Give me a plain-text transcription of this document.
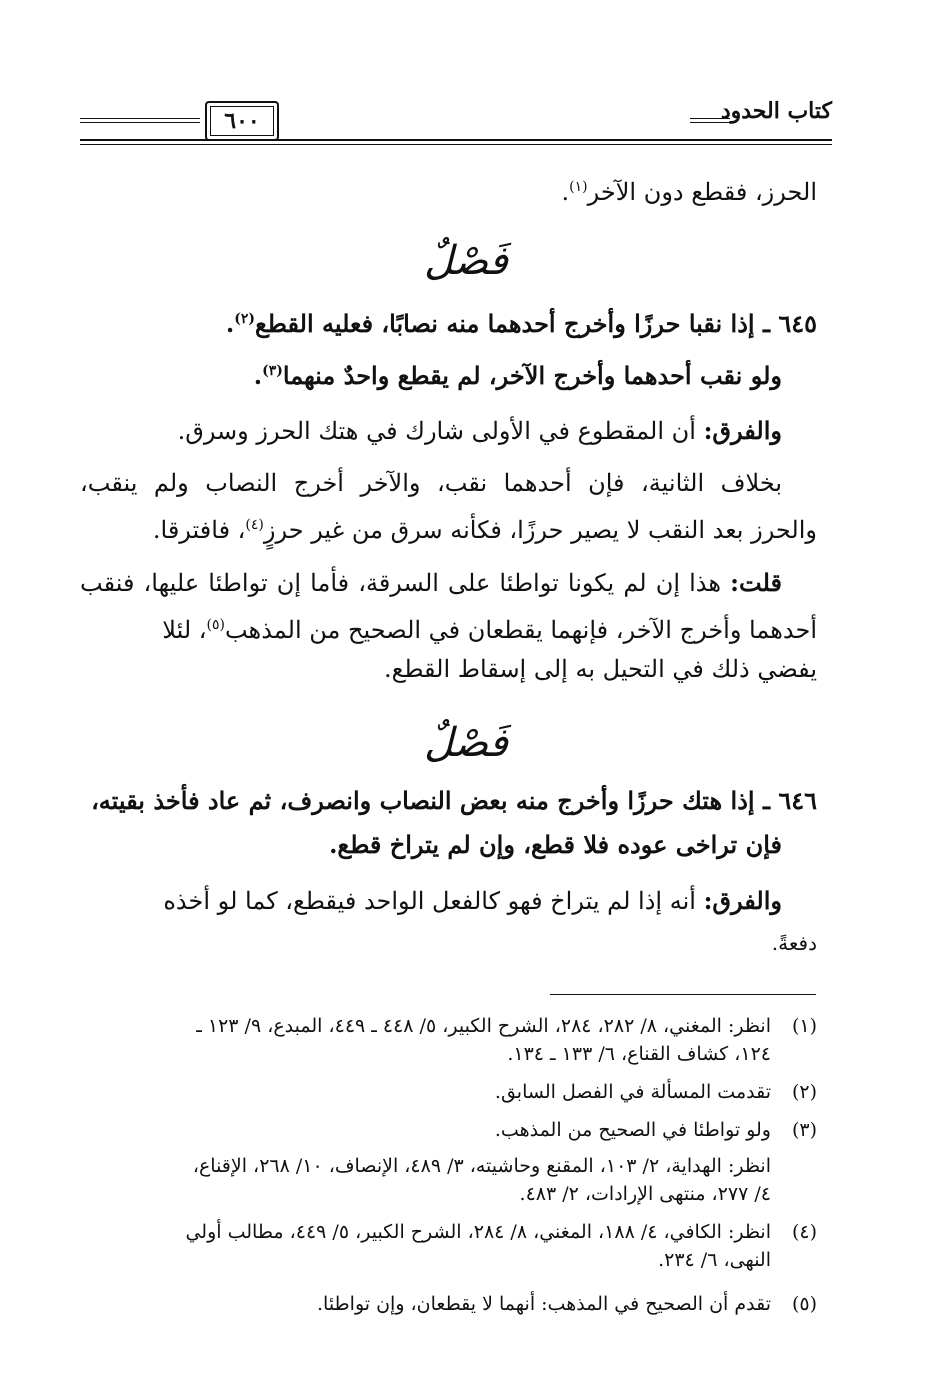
كتاب الحدود
٦٠٠
الحرز، فقطع دون الآخر$^{(١)}$.
فَصْلٌ
٦٤٥ ـ إذا نقبا حرزًا وأخرج أحدهما منه نصابًا، فعليه القطع$^{(٢)}$.
ولو نقب أحدهما وأخرج الآخر، لم يقطع واحدٌ منهما$^{(٣)}$.
والفرق: أن المقطوع في الأولى شارك في هتك الحرز وسرق.
بخلاف الثانية، فإن أحدهما نقب، والآخر أخرج النصاب ولم ينقب،
والحرز بعد النقب لا يصير حرزًا، فكأنه سرق من غير حرزٍ$^{(٤)}$، فافترقا.
قلت: هذا إن لم يكونا تواطئا على السرقة، فأما إن تواطئا عليها، فنقب
أحدهما وأخرج الآخر، فإنهما يقطعان في الصحيح من المذهب$^{(٥)}$، لئلا
يفضي ذلك في التحيل به إلى إسقاط القطع.
فَصْلٌ
٦٤٦ ـ إذا هتك حرزًا وأخرج منه بعض النصاب وانصرف، ثم عاد فأخذ بقيته،
فإن تراخى عوده فلا قطع، وإن لم يتراخ قطع.
والفرق: أنه إذا لم يتراخ فهو كالفعل الواحد فيقطع، كما لو أخذه
دفعةً.
(١)
انظر: المغني، ٨/ ٢٨٢، ٢٨٤، الشرح الكبير، ٥/ ٤٤٨ ـ ٤٤٩، المبدع، ٩/ ١٢٣ ـ
١٢٤، كشاف القناع، ٦/ ١٣٣ ـ ١٣٤.
(٢)
تقدمت المسألة في الفصل السابق.
(٣)
ولو تواطئا في الصحيح من المذهب.
انظر: الهداية، ٢/ ١٠٣، المقنع وحاشيته، ٣/ ٤٨٩، الإنصاف، ١٠/ ٢٦٨، الإقناع،
٤/ ٢٧٧، منتهى الإرادات، ٢/ ٤٨٣.
(٤)
انظر: الكافي، ٤/ ١٨٨، المغني، ٨/ ٢٨٤، الشرح الكبير، ٥/ ٤٤٩، مطالب أولي
النهى، ٦/ ٢٣٤.
(٥)
تقدم أن الصحيح في المذهب: أنهما لا يقطعان، وإن تواطئا.
